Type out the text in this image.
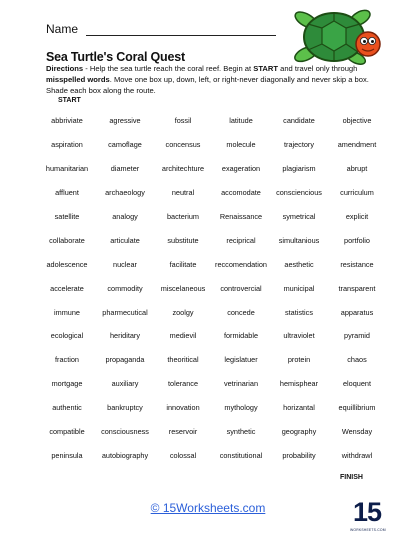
Name
Sea Turtle's Coral Quest
Directions - Help the sea turtle reach the coral reef. Begin at START and travel only through misspelled words. Move one box up, down, left, or right-never diagonally and never skip a box. Shade each box along the route.
START
abbriviate	agressive	fossil	latitude	candidate	objective
aspiration	camoflage	concensus	molecule	trajectory	amendment
humanitarian	diameter	architechture	exageration	plagiarism	abrupt
affluent	archaeology	neutral	accomodate	consciencious	curriculum
satellite	analogy	bacterium	Renaissance	symetrical	explicit
collaborate	articulate	substitute	reciprical	simultanious	portfolio
adolescence	nuclear	facilitate	reccomendation	aesthetic	resistance
accelerate	commodity	miscelaneous	controvercial	municipal	transparent
immune	pharmecutical	zoolgy	concede	statistics	apparatus
ecological	heriditary	medievil	formidable	ultraviolet	pyramid
fraction	propaganda	theoritical	legislatuer	protein	chaos
mortgage	auxiliary	tolerance	vetrinarian	hemisphear	eloquent
authentic	bankruptcy	innovation	mythology	horizantal	equillibrium
compatible	consciousness	reservoir	synthetic	geography	Wensday
peninsula	autobiography	colossal	constitutional	probability	withdrawl
FINISH
© 15Worksheets.com	15
WORKSHEETS.COM
